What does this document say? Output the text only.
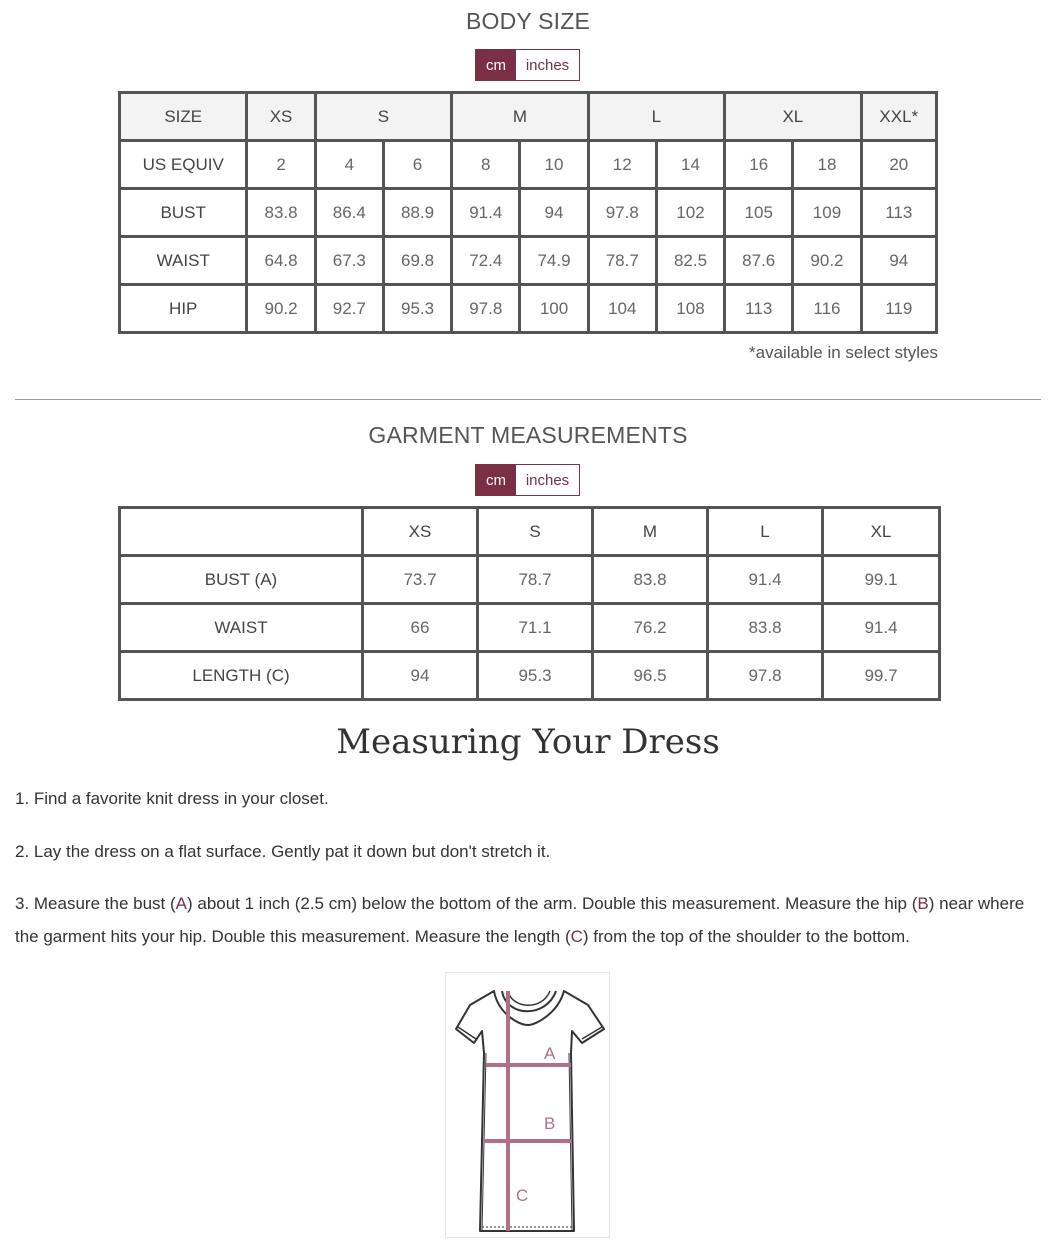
BODY SIZE
cm	inches
SIZE	XS	S		M		L		XL		XXL*
US EQUIV	2	4	6	8	10	12	14	16	18	20
BUST	83.8	86.4	88.9	91.4	94	97.8	102	105	109	113
WAIST	64.8	67.3	69.8	72.4	74.9	78.7	82.5	87.6	90.2	94
HIP	90.2	92.7	95.3	97.8	100	104	108	113	116	119
*available in select styles
GARMENT MEASUREMENTS
cm	inches
	XS	S	M	L	XL
BUST (A)	73.7	78.7	83.8	91.4	99.1
WAIST	66	71.1	76.2	83.8	91.4
LENGTH (C)	94	95.3	96.5	97.8	99.7
Measuring Your Dress
1. Find a favorite knit dress in your closet.
2. Lay the dress on a flat surface. Gently pat it down but don't stretch it.
3. Measure the bust (A) about 1 inch (2.5 cm) below the bottom of the arm. Double this measurement. Measure the hip (B) near where the garment hits your hip. Double this measurement. Measure the length (C) from the top of the shoulder to the bottom.
A
B
C
